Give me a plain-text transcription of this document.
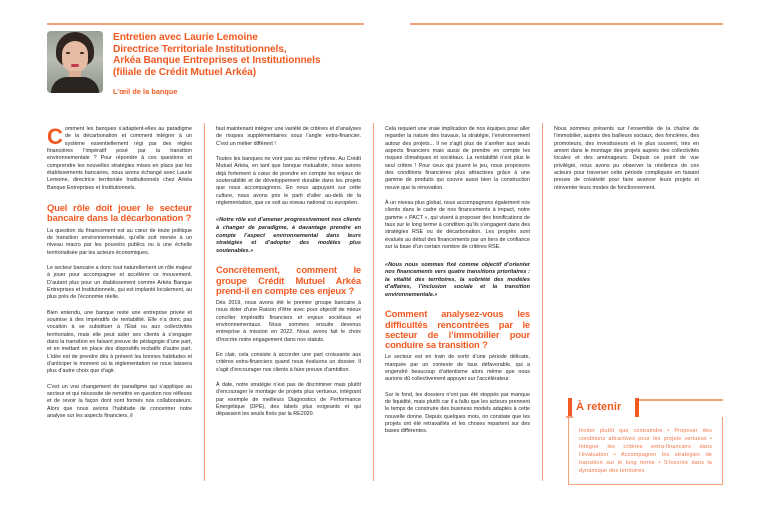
Entretien avec Laurie Lemoine
Directrice Territoriale Institutionnels,
Arkéa Banque Entreprises et Institutionnels
(filiale de Crédit Mutuel Arkéa)
L’œil de la banque

Comment les banques s’adaptent-elles au paradigme de la décarbonation et comment intégrer à un système essentiellement régi par des règles financières l’impératif posé par la transition environnementale ? Pour répondre à ces questions et comprendre les nouvelles stratégies mises en place par les établissements bancaires, nous avons échangé avec Laurie Lemoine, directrice territoriale Institutionnels chez Arkéa Banque Entreprises et Institutionnels.

Quel rôle doit jouer le secteur bancaire dans la décarbonation ?

La question du financement est au cœur de toute politique de transition environnementale, qu’elle soit menée à un niveau macro par les pouvoirs publics ou à une échelle territorialisée par les acteurs économiques.

Le secteur bancaire a donc tout naturellement un rôle majeur à jouer pour accompagner et accélérer ce mouvement. D’autant plus pour un établissement comme Arkéa Banque Entreprises et Institutionnels, qui est implanté localement, au plus près de l’économie réelle.

Bien entendu, une banque reste une entreprise privée et soumise à des impératifs de rentabilité. Elle n’a donc pas vocation à se substituer à l’État ou aux collectivités territoriales, mais elle peut aider ses clients à s’engager dans la transition en faisant preuve de pédagogie d’une part, et en mettant en place des dispositifs incitatifs d’autre part. L’idée est de prendre dès à présent les bonnes habitudes et d’anticiper le moment où la réglementation ne nous laissera plus d’autre choix que d’agir.

C’est un vrai changement de paradigme qui s’applique au secteur et qui nécessite de remettre en question nos réflexes et de revoir la façon dont sont formés nos collaborateurs. Alors que nous avions l’habitude de concentrer notre analyse sur les aspects financiers, il

faut maintenant intégrer une variété de critères et d’analyses de risques supplémentaires sous l’angle extra-financier. C’est un métier différent !

Toutes les banques ne vont pas au même rythme. Au Crédit Mutuel Arkéa, en tant que banque mutualiste, nous avions déjà fortement à cœur de prendre en compte les enjeux de soutenabilité et de développement durable dans les projets que nous accompagnons. En nous appuyant sur cette culture, nous avons pris le parti d’aller au-delà de la réglementation, que ce soit au niveau national ou européen.

«Notre rôle est d’amener progressivement nos clients à changer de paradigme, à davantage prendre en compte l’aspect environnemental dans leurs stratégies et d’adopter des modèles plus soutenables.»
Concrètement, comment le groupe Crédit Mutuel Arkéa prend-il en compte ces enjeux ?

Dès 2019, nous avons été le premier groupe bancaire à nous doter d’une Raison d’être avec pour objectif de mieux concilier impératifs financiers et enjeux sociétaux et environnementaux. Nous sommes ensuite devenus entreprise à mission en 2022. Nous avons fait le choix d’inscrire notre engagement dans nos statuts.

En clair, cela consiste à accorder une part croissante aux critères extra-financiers quand nous évaluons un dossier. Il s’agit d’encourager nos clients à faire preuve d’ambition.

À date, notre stratégie n’est pas de discriminer mais plutôt d’encourager le montage de projets plus vertueux, intégrant par exemple de meilleurs Diagnostics de Performance Énergétique (DPE), des labels plus exigeants et qui dépassent les seuils fixés par la RE2020.

Cela requiert une vraie implication de nos équipes pour aller regarder la nature des travaux, la stratégie, l’environnement autour des projets... Il ne s’agit plus de s’arrêter aux seuls aspects financiers mais aussi de prendre en compte les risques climatiques et sociétaux. La rentabilité n’est plus le seul critère ! Pour ceux qui jouent le jeu, nous proposons des conditions financières plus attractives grâce à une gamme de produits qui couvre aussi bien la construction neuve que la rénovation.

À un niveau plus global, nous accompagnons également nos clients dans le cadre de nos financements à impact, notre gamme « PACT », qui visent à proposer des bonifications de taux sur le long terme à condition qu’ils s’engagent dans des stratégies RSE ou de décarbonation. Les progrès sont évalués au début des financements par un tiers de confiance sur la base d’un certain nombre de critères RSE.

«Nous nous sommes fixé comme objectif d’orienter nos financements vers quatre transitions prioritaires : la vitalité des territoires, la sobriété des modèles d’affaires, l’inclusion sociale et la transition environnementale.»
Comment analysez-vous les difficultés rencontrées par le secteur de l’immobilier pour conduire sa transition ?

Le secteur est en train de sortir d’une période délicate, marquée par un contexte de taux défavorable, qui a engendré beaucoup d’attentisme alors même que nous aurions dû collectivement appuyer sur l’accélérateur.

Sur le fond, les dossiers n’ont pas été stoppés par manque de liquidité, mais plutôt car il a fallu que les acteurs prennent le temps de construire des business models adaptés à cette nouvelle donne. Depuis quelques mois, on constate que les projets ont été retravaillés et les choses repartent sur des bases différentes.

Nous sommes présents sur l’ensemble de la chaîne de l’immobilier, auprès des bailleurs sociaux, des foncières, des promoteurs, des investisseurs et le plus souvent, très en amont dans le montage des projets auprès des collectivités locales et des aménageurs. Depuis ce point de vue privilégié, nous avons pu observer la résilience de ces acteurs pour traverser cette période compliquée en faisant preuve de créativité pour faire avancer leurs projets et réinventer leurs modes de fonctionnement.

À retenir
Inciter plutôt que contraindre • Proposer des conditions attractives pour les projets vertueux • Intégrer les critères extra-financiers dans l’évaluation • Accompagner les stratégies de transition sur le long terme • S’inscrire dans la dynamique des territoires
